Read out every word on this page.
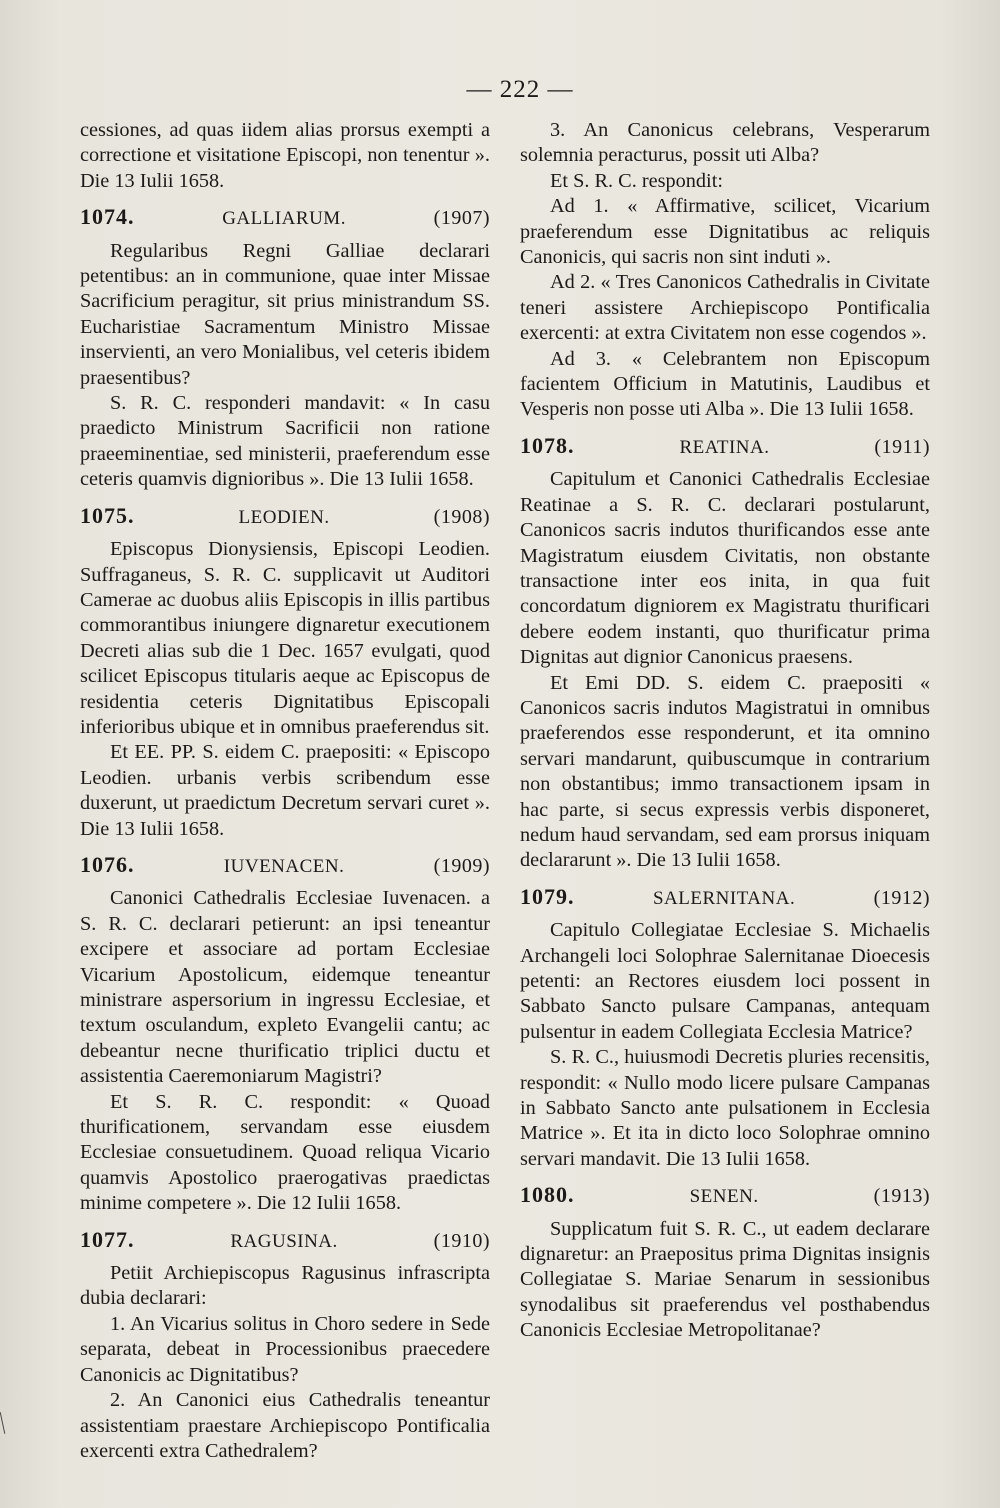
— 222 —

cessiones, ad quas iidem alias prorsus exempti a correctione et visitatione Episcopi, non tenentur ». Die 13 Iulii 1658.

1074.	GALLIARUM.	(1907)

Regularibus Regni Galliae declarari petentibus: an in communione, quae inter Missae Sacrificium peragitur, sit prius ministrandum SS. Eucharistiae Sacramentum Ministro Missae inservienti, an vero Monialibus, vel ceteris ibidem praesentibus?

S. R. C. responderi mandavit: « In casu praedicto Ministrum Sacrificii non ratione praeeminentiae, sed ministerii, praeferendum esse ceteris quamvis dignioribus ». Die 13 Iulii 1658.

1075.	LEODIEN.	(1908)

Episcopus Dionysiensis, Episcopi Leodien. Suffraganeus, S. R. C. supplicavit ut Auditori Camerae ac duobus aliis Episcopis in illis partibus commorantibus iniungere dignaretur executionem Decreti alias sub die 1 Dec. 1657 evulgati, quod scilicet Episcopus titularis aeque ac Episcopus de residentia ceteris Dignitatibus Episcopali inferioribus ubique et in omnibus praeferendus sit.

Et EE. PP. S. eidem C. praepositi: « Episcopo Leodien. urbanis verbis scribendum esse duxerunt, ut praedictum Decretum servari curet ». Die 13 Iulii 1658.

1076.	IUVENACEN.	(1909)

Canonici Cathedralis Ecclesiae Iuvenacen. a S. R. C. declarari petierunt: an ipsi teneantur excipere et associare ad portam Ecclesiae Vicarium Apostolicum, eidemque teneantur ministrare aspersorium in ingressu Ecclesiae, et textum osculandum, expleto Evangelii cantu; ac debeantur necne thurificatio triplici ductu et assistentia Caeremoniarum Magistri?

Et S. R. C. respondit: « Quoad thurificationem, servandam esse eiusdem Ecclesiae consuetudinem. Quoad reliqua Vicario quamvis Apostolico praerogativas praedictas minime competere ». Die 12 Iulii 1658.

1077.	RAGUSINA.	(1910)

Petiit Archiepiscopus Ragusinus infrascripta dubia declarari:

1. An Vicarius solitus in Choro sedere in Sede separata, debeat in Processionibus praecedere Canonicis ac Dignitatibus?

2. An Canonici eius Cathedralis teneantur assistentiam praestare Archiepiscopo Pontificalia exercenti extra Cathedralem?

3. An Canonicus celebrans, Vesperarum solemnia peracturus, possit uti Alba?

Et S. R. C. respondit:

Ad 1. « Affirmative, scilicet, Vicarium praeferendum esse Dignitatibus ac reliquis Canonicis, qui sacris non sint induti ».

Ad 2. « Tres Canonicos Cathedralis in Civitate teneri assistere Archiepiscopo Pontificalia exercenti: at extra Civitatem non esse cogendos ».

Ad 3. « Celebrantem non Episcopum facientem Officium in Matutinis, Laudibus et Vesperis non posse uti Alba ». Die 13 Iulii 1658.

1078.	REATINA.	(1911)

Capitulum et Canonici Cathedralis Ecclesiae Reatinae a S. R. C. declarari postularunt, Canonicos sacris indutos thurificandos esse ante Magistratum eiusdem Civitatis, non obstante transactione inter eos inita, in qua fuit concordatum digniorem ex Magistratu thurificari debere eodem instanti, quo thurificatur prima Dignitas aut dignior Canonicus praesens.

Et Emi DD. S. eidem C. praepositi « Canonicos sacris indutos Magistratui in omnibus praeferendos esse responderunt, et ita omnino servari mandarunt, quibuscumque in contrarium non obstantibus; immo transactionem ipsam in hac parte, si secus expressis verbis disponeret, nedum haud servandam, sed eam prorsus iniquam declararunt ». Die 13 Iulii 1658.

1079.	SALERNITANA.	(1912)

Capitulo Collegiatae Ecclesiae S. Michaelis Archangeli loci Solophrae Salernitanae Dioecesis petenti: an Rectores eiusdem loci possent in Sabbato Sancto pulsare Campanas, antequam pulsentur in eadem Collegiata Ecclesia Matrice?

S. R. C., huiusmodi Decretis pluries recensitis, respondit: « Nullo modo licere pulsare Campanas in Sabbato Sancto ante pulsationem in Ecclesia Matrice ». Et ita in dicto loco Solophrae omnino servari mandavit. Die 13 Iulii 1658.

1080.	SENEN.	(1913)

Supplicatum fuit S. R. C., ut eadem declarare dignaretur: an Praepositus prima Dignitas insignis Collegiatae S. Mariae Senarum in sessionibus synodalibus sit praeferendus vel posthabendus Canonicis Ecclesiae Metropolitanae?
